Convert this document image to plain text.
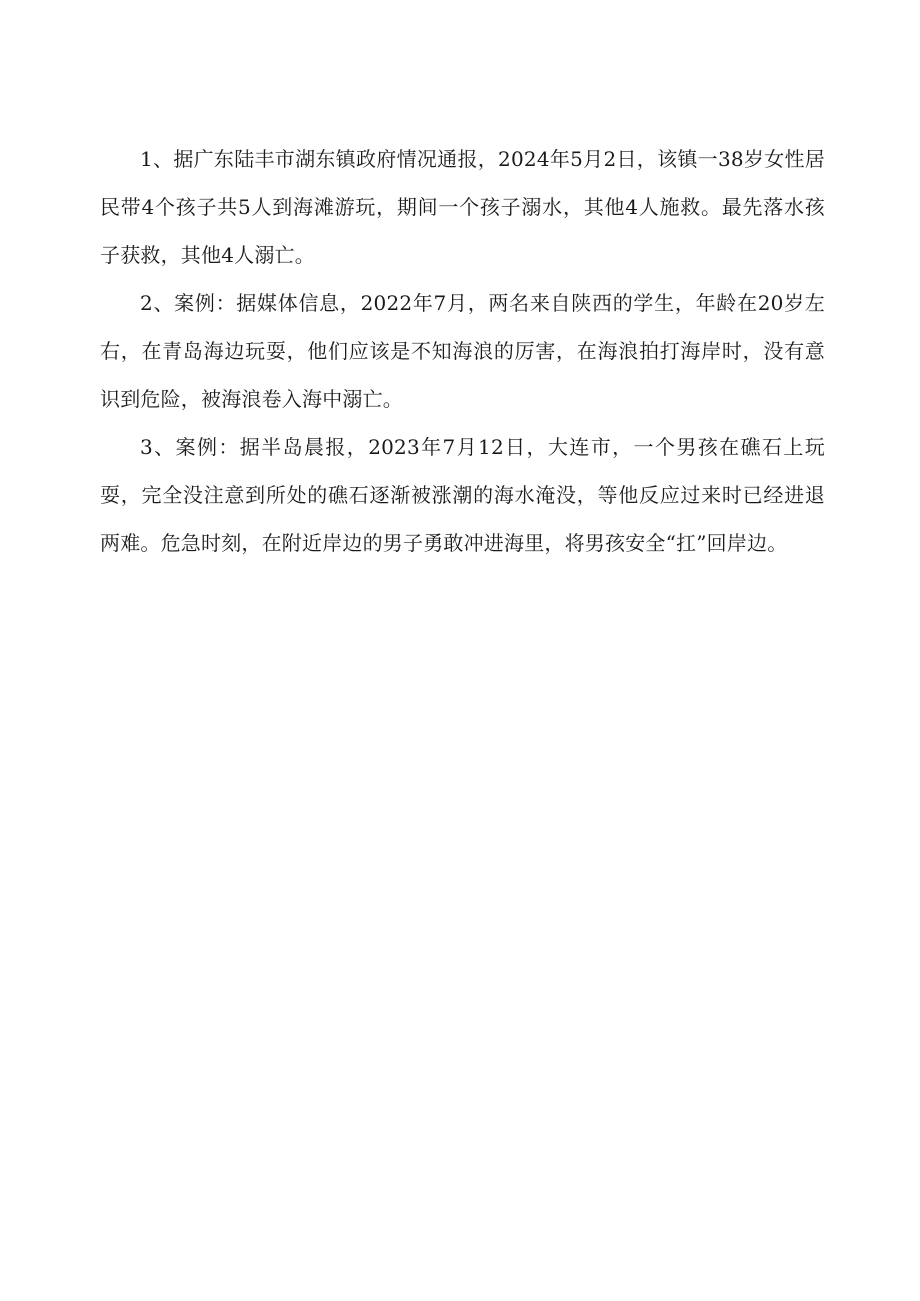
1、据广东陆丰市湖东镇政府情况通报，2024年5月2日，该镇一38岁女性居民带4个孩子共5人到海滩游玩，期间一个孩子溺水，其他4人施救。最先落水孩子获救，其他4人溺亡。

2、案例：据媒体信息，2022年7月，两名来自陕西的学生，年龄在20岁左右，在青岛海边玩耍，他们应该是不知海浪的厉害，在海浪拍打海岸时，没有意识到危险，被海浪卷入海中溺亡。

3、案例：据半岛晨报，2023年7月12日，大连市，一个男孩在礁石上玩耍，完全没注意到所处的礁石逐渐被涨潮的海水淹没，等他反应过来时已经进退两难。危急时刻，在附近岸边的男子勇敢冲进海里，将男孩安全“扛”回岸边。
